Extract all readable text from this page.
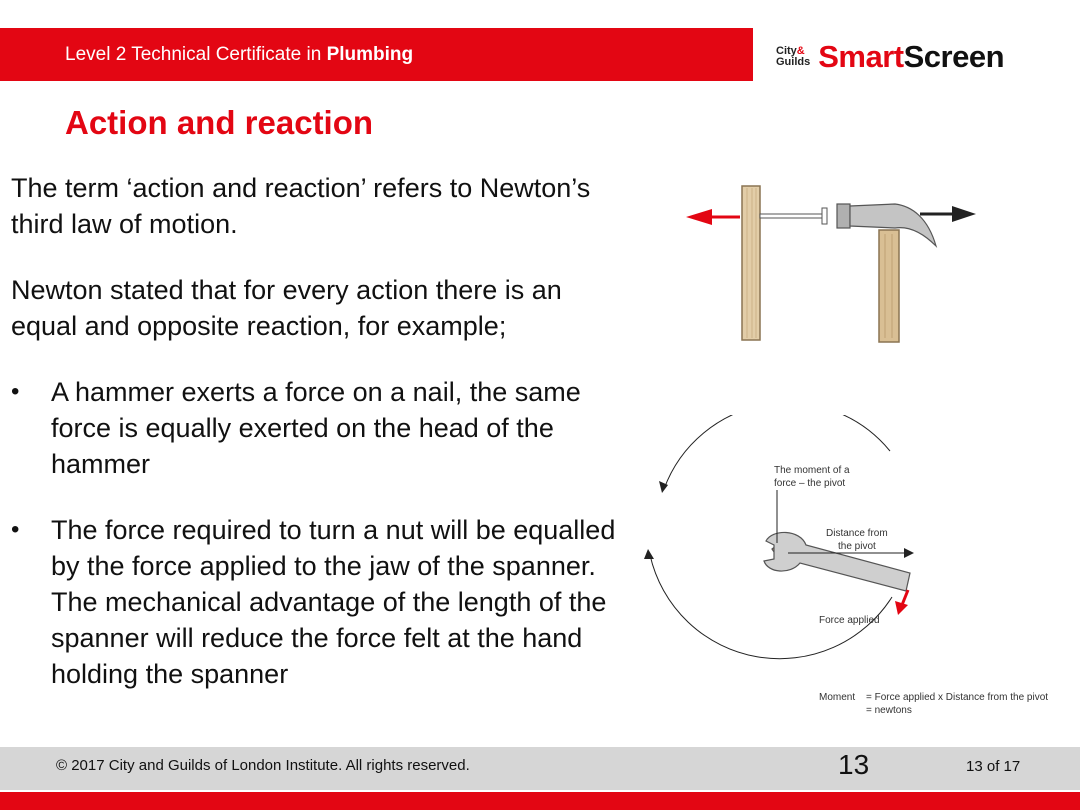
Level 2 Technical Certificate in Plumbing	City&
Guilds Smart Screen
Action and reaction

The term ‘action and reaction’ refers to Newton’s third law of motion.

Newton stated that for every action there is an equal and opposite reaction, for example;

• A hammer exerts a force on a nail, the same force is equally exerted on the head of the hammer
• The force required to turn a nut will be equalled by the force applied to the jaw of the spanner. The mechanical advantage of the length of the spanner will reduce the force felt at the hand holding the spanner
The moment of a
force – the pivot
Distance from
the pivot
Force applied
Moment = Force applied x Distance from the pivot
= newtons
© 2017 City and Guilds of London Institute. All rights reserved.	13	13 of 17
